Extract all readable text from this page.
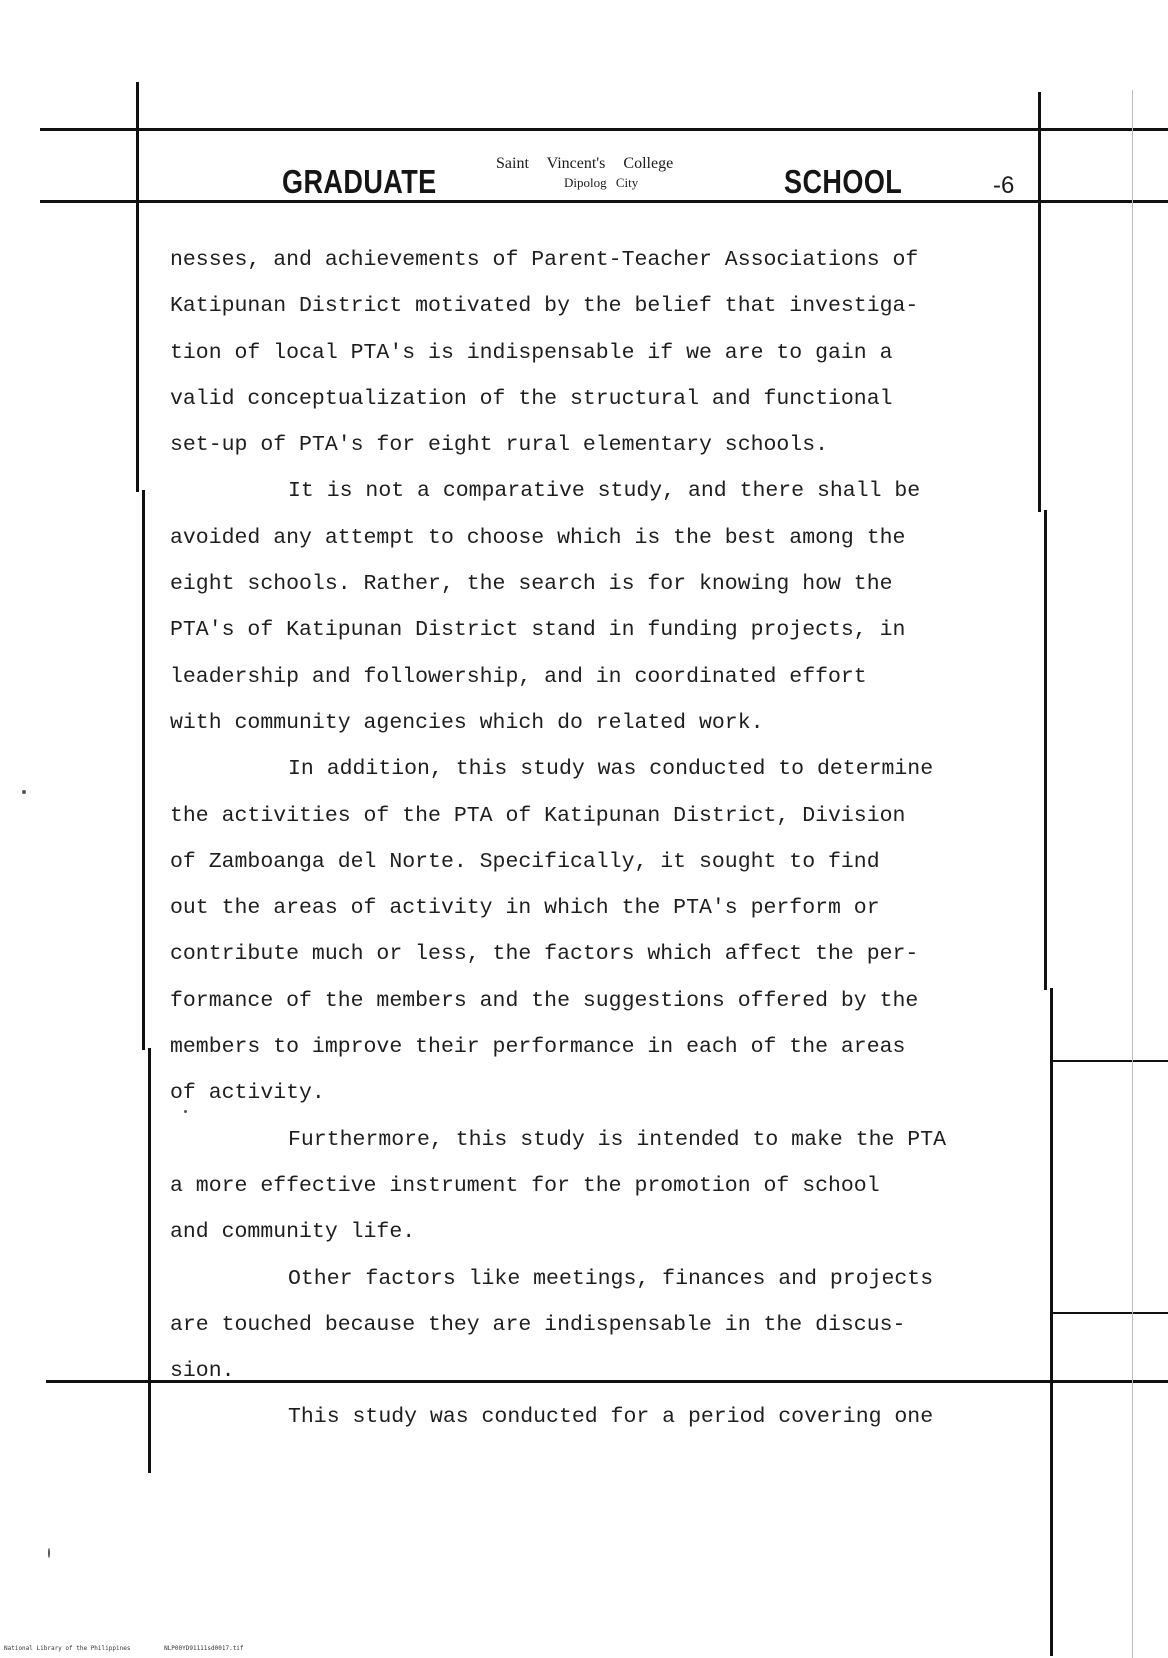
GRADUATE	Saint Vincent's College
Dipolog City	SCHOOL	-6
nesses, and achievements of Parent-Teacher Associations of
Katipunan District motivated by the belief that investiga-
tion of local PTA's is indispensable if we are to gain a
valid conceptualization of the structural and functional
set-up of PTA's for eight rural elementary schools.
It is not a comparative study, and there shall be
avoided any attempt to choose which is the best among the
eight schools. Rather, the search is for knowing how the
PTA's of Katipunan District stand in funding projects, in
leadership and followership, and in coordinated effort
with community agencies which do related work.
In addition, this study was conducted to determine
the activities of the PTA of Katipunan District, Division
of Zamboanga del Norte. Specifically, it sought to find
out the areas of activity in which the PTA's perform or
contribute much or less, the factors which affect the per-
formance of the members and the suggestions offered by the
members to improve their performance in each of the areas
of activity.
Furthermore, this study is intended to make the PTA
a more effective instrument for the promotion of school
and community life.
Other factors like meetings, finances and projects
are touched because they are indispensable in the discus-
sion.
This study was conducted for a period covering one
National Library of the Philippines	NLP00YD91111sd0017.tif
